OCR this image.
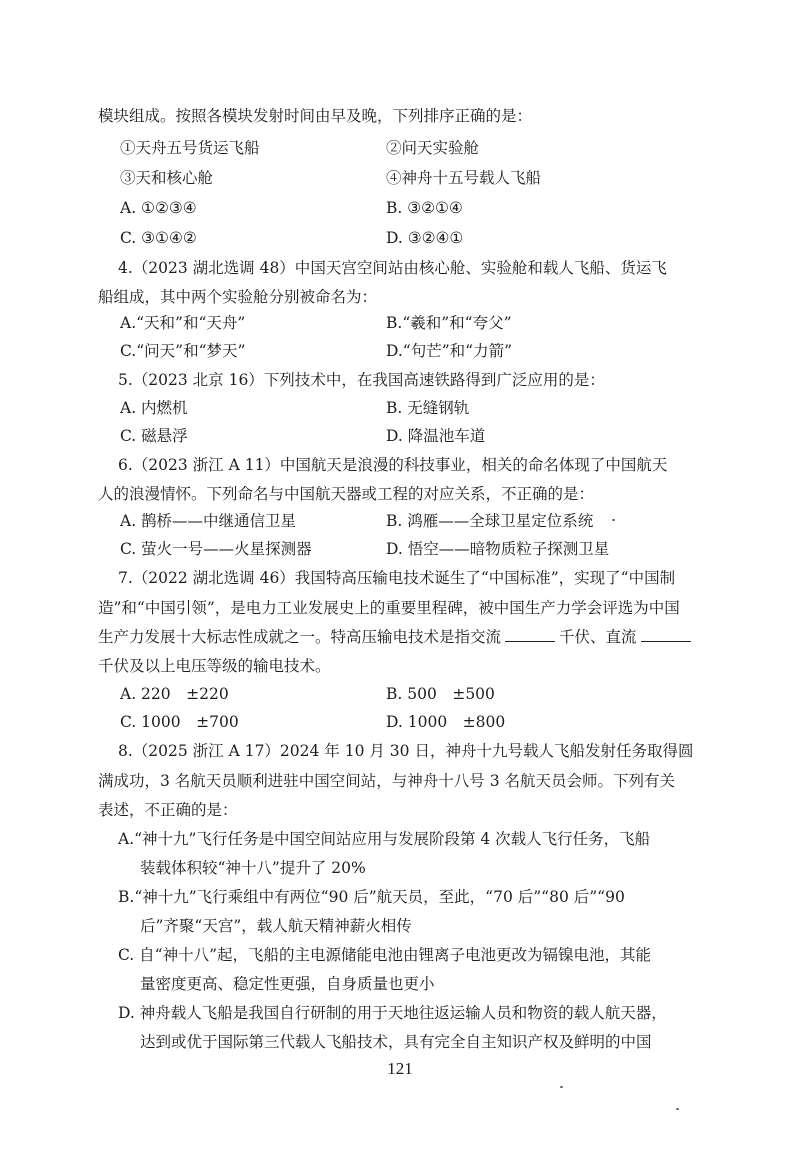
模块组成。按照各模块发射时间由早及晚，下列排序正确的是：
①天舟五号货运飞船	②问天实验舱
③天和核心舱	④神舟十五号载人飞船
A. ①②③④	B. ③②①④
C. ③①④②	D. ③②④①
4.（2023 湖北选调 48）中国天宫空间站由核心舱、实验舱和载人飞船、货运飞
船组成，其中两个实验舱分别被命名为：
A.“天和”和“天舟”	B.“羲和”和“夸父”
C.“问天”和“梦天”	D.“句芒”和“力箭”
5.（2023 北京 16）下列技术中，在我国高速铁路得到广泛应用的是：
A. 内燃机	B. 无缝钢轨
C. 磁悬浮	D. 降温池车道
6.（2023 浙江 A 11）中国航天是浪漫的科技事业，相关的命名体现了中国航天
人的浪漫情怀。下列命名与中国航天器或工程的对应关系，不正确的是：
A. 鹊桥——中继通信卫星	B. 鸿雁——全球卫星定位系统
C. 萤火一号——火星探测器	D. 悟空——暗物质粒子探测卫星
7.（2022 湖北选调 46）我国特高压输电技术诞生了“中国标准”，实现了“中国制
造”和“中国引领”，是电力工业发展史上的重要里程碑，被中国生产力学会评选为中国
生产力发展十大标志性成就之一。特高压输电技术是指交流	千伏、直流
千伏及以上电压等级的输电技术。
A. 220　±220	B. 500　±500
C. 1000　±700	D. 1000　±800
8.（2025 浙江 A 17）2024 年 10 月 30 日，神舟十九号载人飞船发射任务取得圆
满成功，3 名航天员顺利进驻中国空间站，与神舟十八号 3 名航天员会师。下列有关
表述，不正确的是：
A.“神十九”飞行任务是中国空间站应用与发展阶段第 4 次载人飞行任务，飞船
装载体积较“神十八”提升了 20%
B.“神十九”飞行乘组中有两位“90 后”航天员，至此，“70 后”“80 后”“90
后”齐聚“天宫”，载人航天精神薪火相传
C. 自“神十八”起，飞船的主电源储能电池由锂离子电池更改为镉镍电池，其能
量密度更高、稳定性更强，自身质量也更小
D. 神舟载人飞船是我国自行研制的用于天地往返运输人员和物资的载人航天器，
达到或优于国际第三代载人飞船技术，具有完全自主知识产权及鲜明的中国
121
